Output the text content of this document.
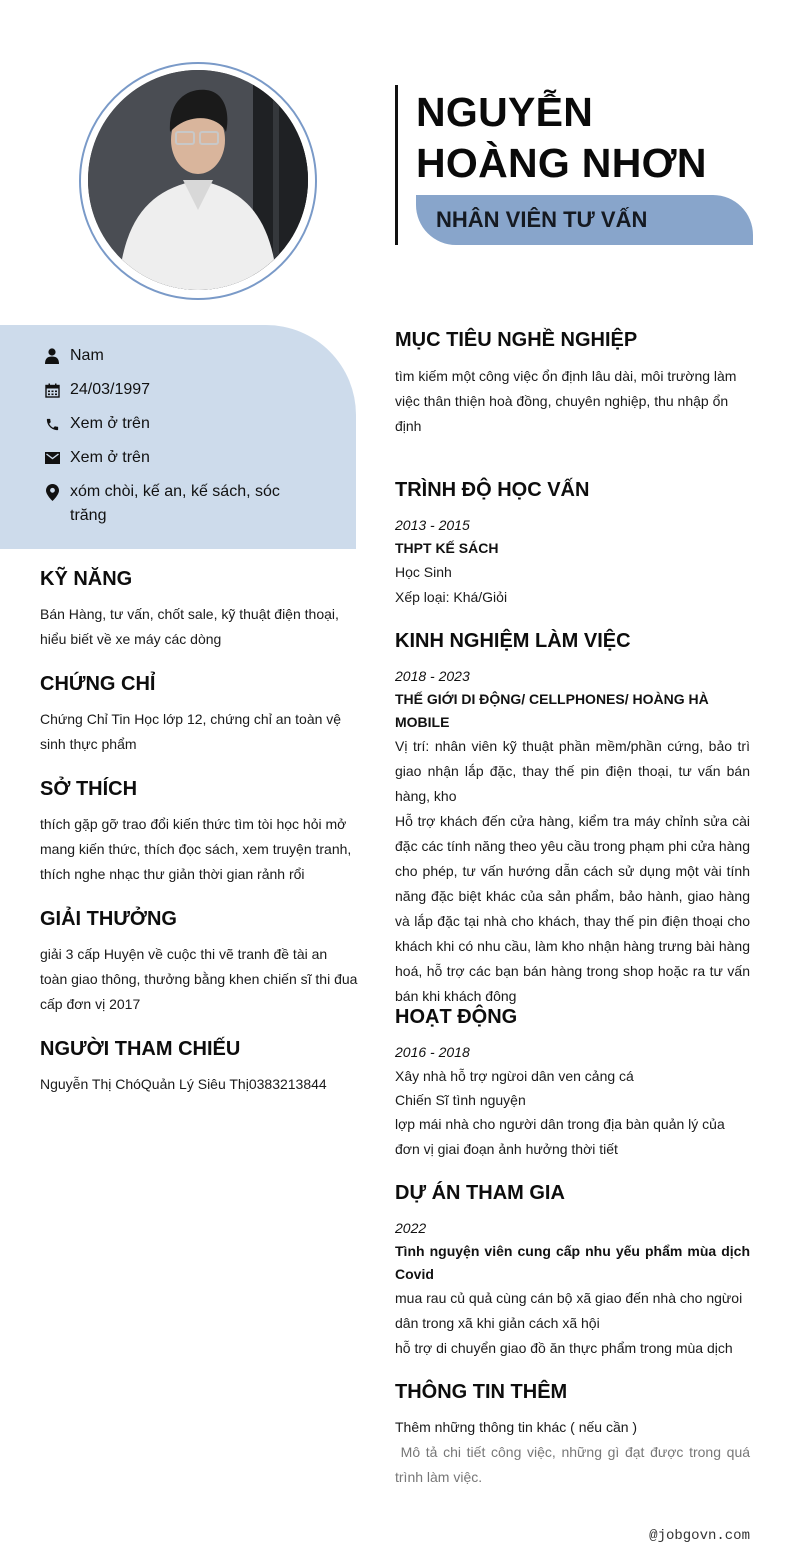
NGUYỄN HOÀNG NHƠN
NHÂN VIÊN TƯ VẤN
Nam
24/03/1997
Xem ở trên
Xem ở trên
xóm chòi, kế an, kế sách, sóc trăng
KỸ NĂNG
Bán Hàng, tư vấn, chốt sale, kỹ thuật điện thoại, hiểu biết về xe máy các dòng
CHỨNG CHỈ
Chứng Chỉ Tin Học lớp 12, chứng chỉ an toàn vệ sinh thực phẩm
SỞ THÍCH
thích gặp gỡ trao đổi kiến thức tìm tòi học hỏi mở mang kiến thức, thích đọc sách, xem truyện tranh, thích nghe nhạc thư giản thời gian rảnh rổi
GIẢI THƯỞNG
giải 3 cấp Huyện về cuộc thi vẽ tranh đề tài an toàn giao thông, thưởng bằng khen chiến sĩ thi đua cấp đơn vị 2017
NGƯỜI THAM CHIẾU
Nguyễn Thị ChóQuản Lý Siêu Thị0383213844
MỤC TIÊU NGHỀ NGHIỆP
tìm kiếm một công việc ổn định lâu dài, môi trường làm việc thân thiện hoà đồng, chuyên nghiệp, thu nhập ổn định
TRÌNH ĐỘ HỌC VẤN
2013 - 2015
THPT KẾ SÁCH
Học Sinh
Xếp loại: Khá/Giỏi
KINH NGHIỆM LÀM VIỆC
2018 - 2023
THẾ GIỚI DI ĐỘNG/ CELLPHONES/ HOÀNG HÀ MOBILE
Vị trí: nhân viên kỹ thuật phần mềm/phần cứng, bảo trì giao nhận lắp đặc, thay thế pin điện thoại, tư vấn bán hàng, kho
Hỗ trợ khách đến cửa hàng, kiểm tra máy chỉnh sửa cài đặc các tính năng theo yêu cầu trong phạm phi cửa hàng cho phép, tư vấn hướng dẫn cách sử dụng một vài tính năng đặc biệt khác của sản phẩm, bảo hành, giao hàng và lắp đặc tại nhà cho khách, thay thế pin điện thoại cho khách khi có nhu cầu, làm kho nhận hàng trưng bài hàng hoá, hỗ trợ các bạn bán hàng trong shop hoặc ra tư vấn bán khi khách đông
HOẠT ĐỘNG
2016 - 2018
Xây nhà hỗ trợ ngừoi dân ven cảng cá
Chiến Sĩ tình nguyện
lợp mái nhà cho người dân trong địa bàn quản lý của đơn vị giai đoạn ảnh hưởng thời tiết
DỰ ÁN THAM GIA
2022
Tình nguyện viên cung cấp nhu yếu phẩm mùa dịch Covid
mua rau củ quả cùng cán bộ xã giao đến nhà cho ngừoi dân trong xã khi giản cách xã hội
hỗ trợ di chuyển giao đồ ăn thực phẩm trong mùa dịch
THÔNG TIN THÊM
Thêm những thông tin khác ( nếu cần )
Mô tả chi tiết công việc, những gì đạt được trong quá trình làm việc.
@jobgovn.com
